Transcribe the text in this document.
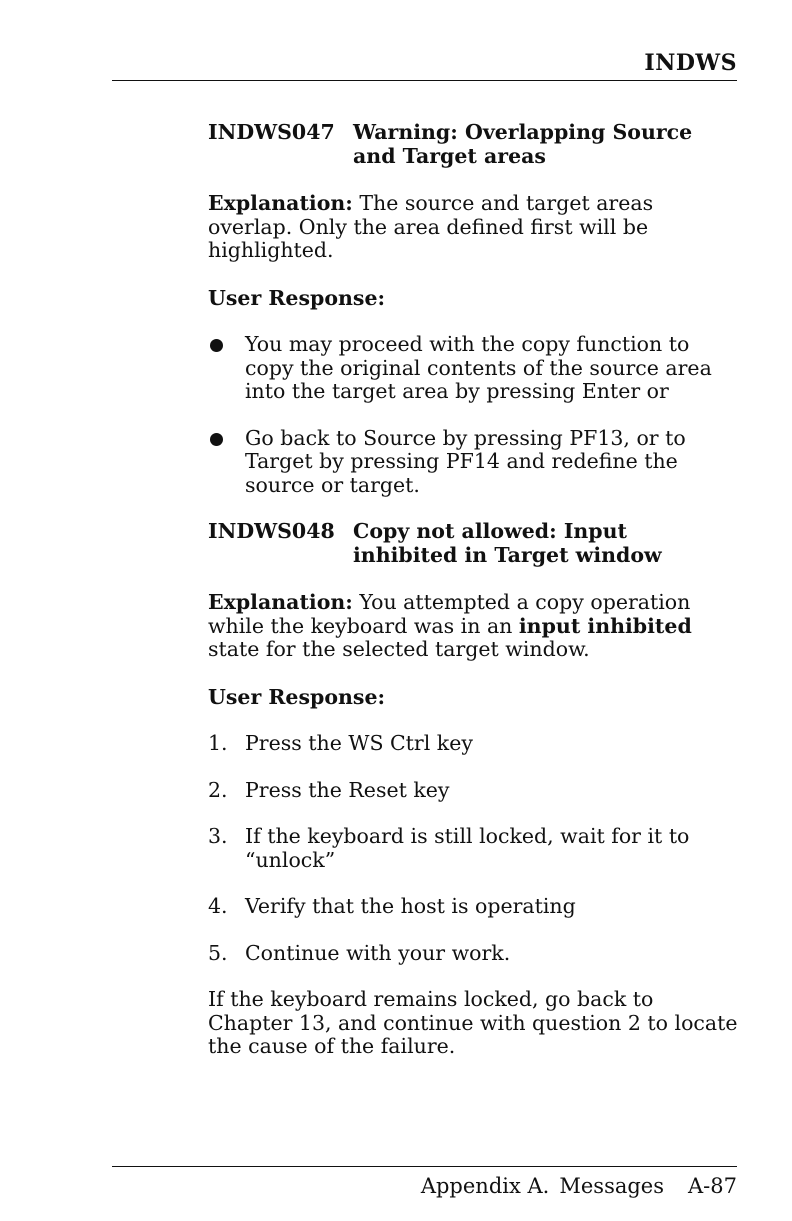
INDWS
INDWS047 Warning: Overlapping Source
and Target areas

Explanation: The source and target areas overlap. Only the area defined first will be highlighted.

User Response:

You may proceed with the copy function to copy the original contents of the source area into the target area by pressing Enter or
Go back to Source by pressing PF13, or to Target by pressing PF14 and redefine the source or target.
INDWS048 Copy not allowed: Input
inhibited in Target window

Explanation: You attempted a copy operation while the keyboard was in an input inhibited state for the selected target window.

User Response:

1. Press the WS Ctrl key
2. Press the Reset key
3. If the keyboard is still locked, wait for it to “unlock”
4. Verify that the host is operating
5. Continue with your work.

If the keyboard remains locked, go back to Chapter 13, and continue with question 2 to locate the cause of the failure.

Appendix A. Messages A-87
